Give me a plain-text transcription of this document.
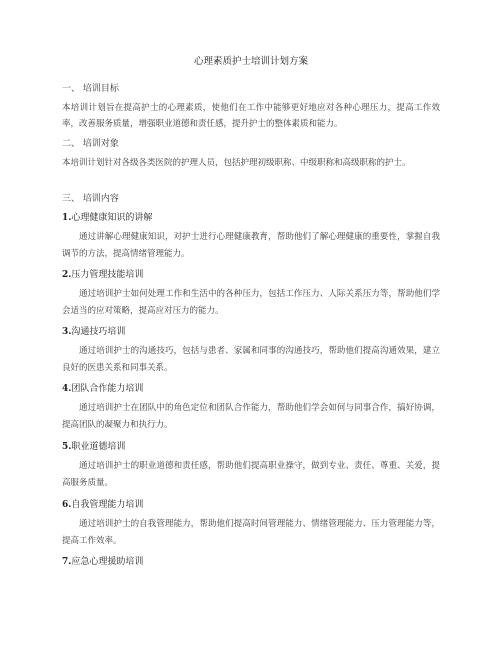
心理素质护士培训计划方案
一、 培训目标
本培训计划旨在提高护士的心理素质，使他们在工作中能够更好地应对各种心理压力，提高工作效率，改善服务质量，增强职业道德和责任感，提升护士的整体素质和能力。
二、 培训对象
本培训计划针对各级各类医院的护理人员，包括护理初级职称、中级职称和高级职称的护士。
三、 培训内容
1.心理健康知识的讲解
通过讲解心理健康知识，对护士进行心理健康教育，帮助他们了解心理健康的重要性，掌握自我调节的方法，提高情绪管理能力。
2.压力管理技能培训
通过培训护士如何处理工作和生活中的各种压力，包括工作压力、人际关系压力等，帮助他们学会适当的应对策略，提高应对压力的能力。
3.沟通技巧培训
通过培训护士的沟通技巧，包括与患者、家属和同事的沟通技巧，帮助他们提高沟通效果，建立良好的医患关系和同事关系。
4.团队合作能力培训
通过培训护士在团队中的角色定位和团队合作能力，帮助他们学会如何与同事合作，搞好协调，提高团队的凝聚力和执行力。
5.职业道德培训
通过培训护士的职业道德和责任感，帮助他们提高职业操守，做到专业、责任、尊重、关爱，提高服务质量。
6.自我管理能力培训
通过培训护士的自我管理能力，帮助他们提高时间管理能力、情绪管理能力、压力管理能力等，提高工作效率。
7.应急心理援助培训
